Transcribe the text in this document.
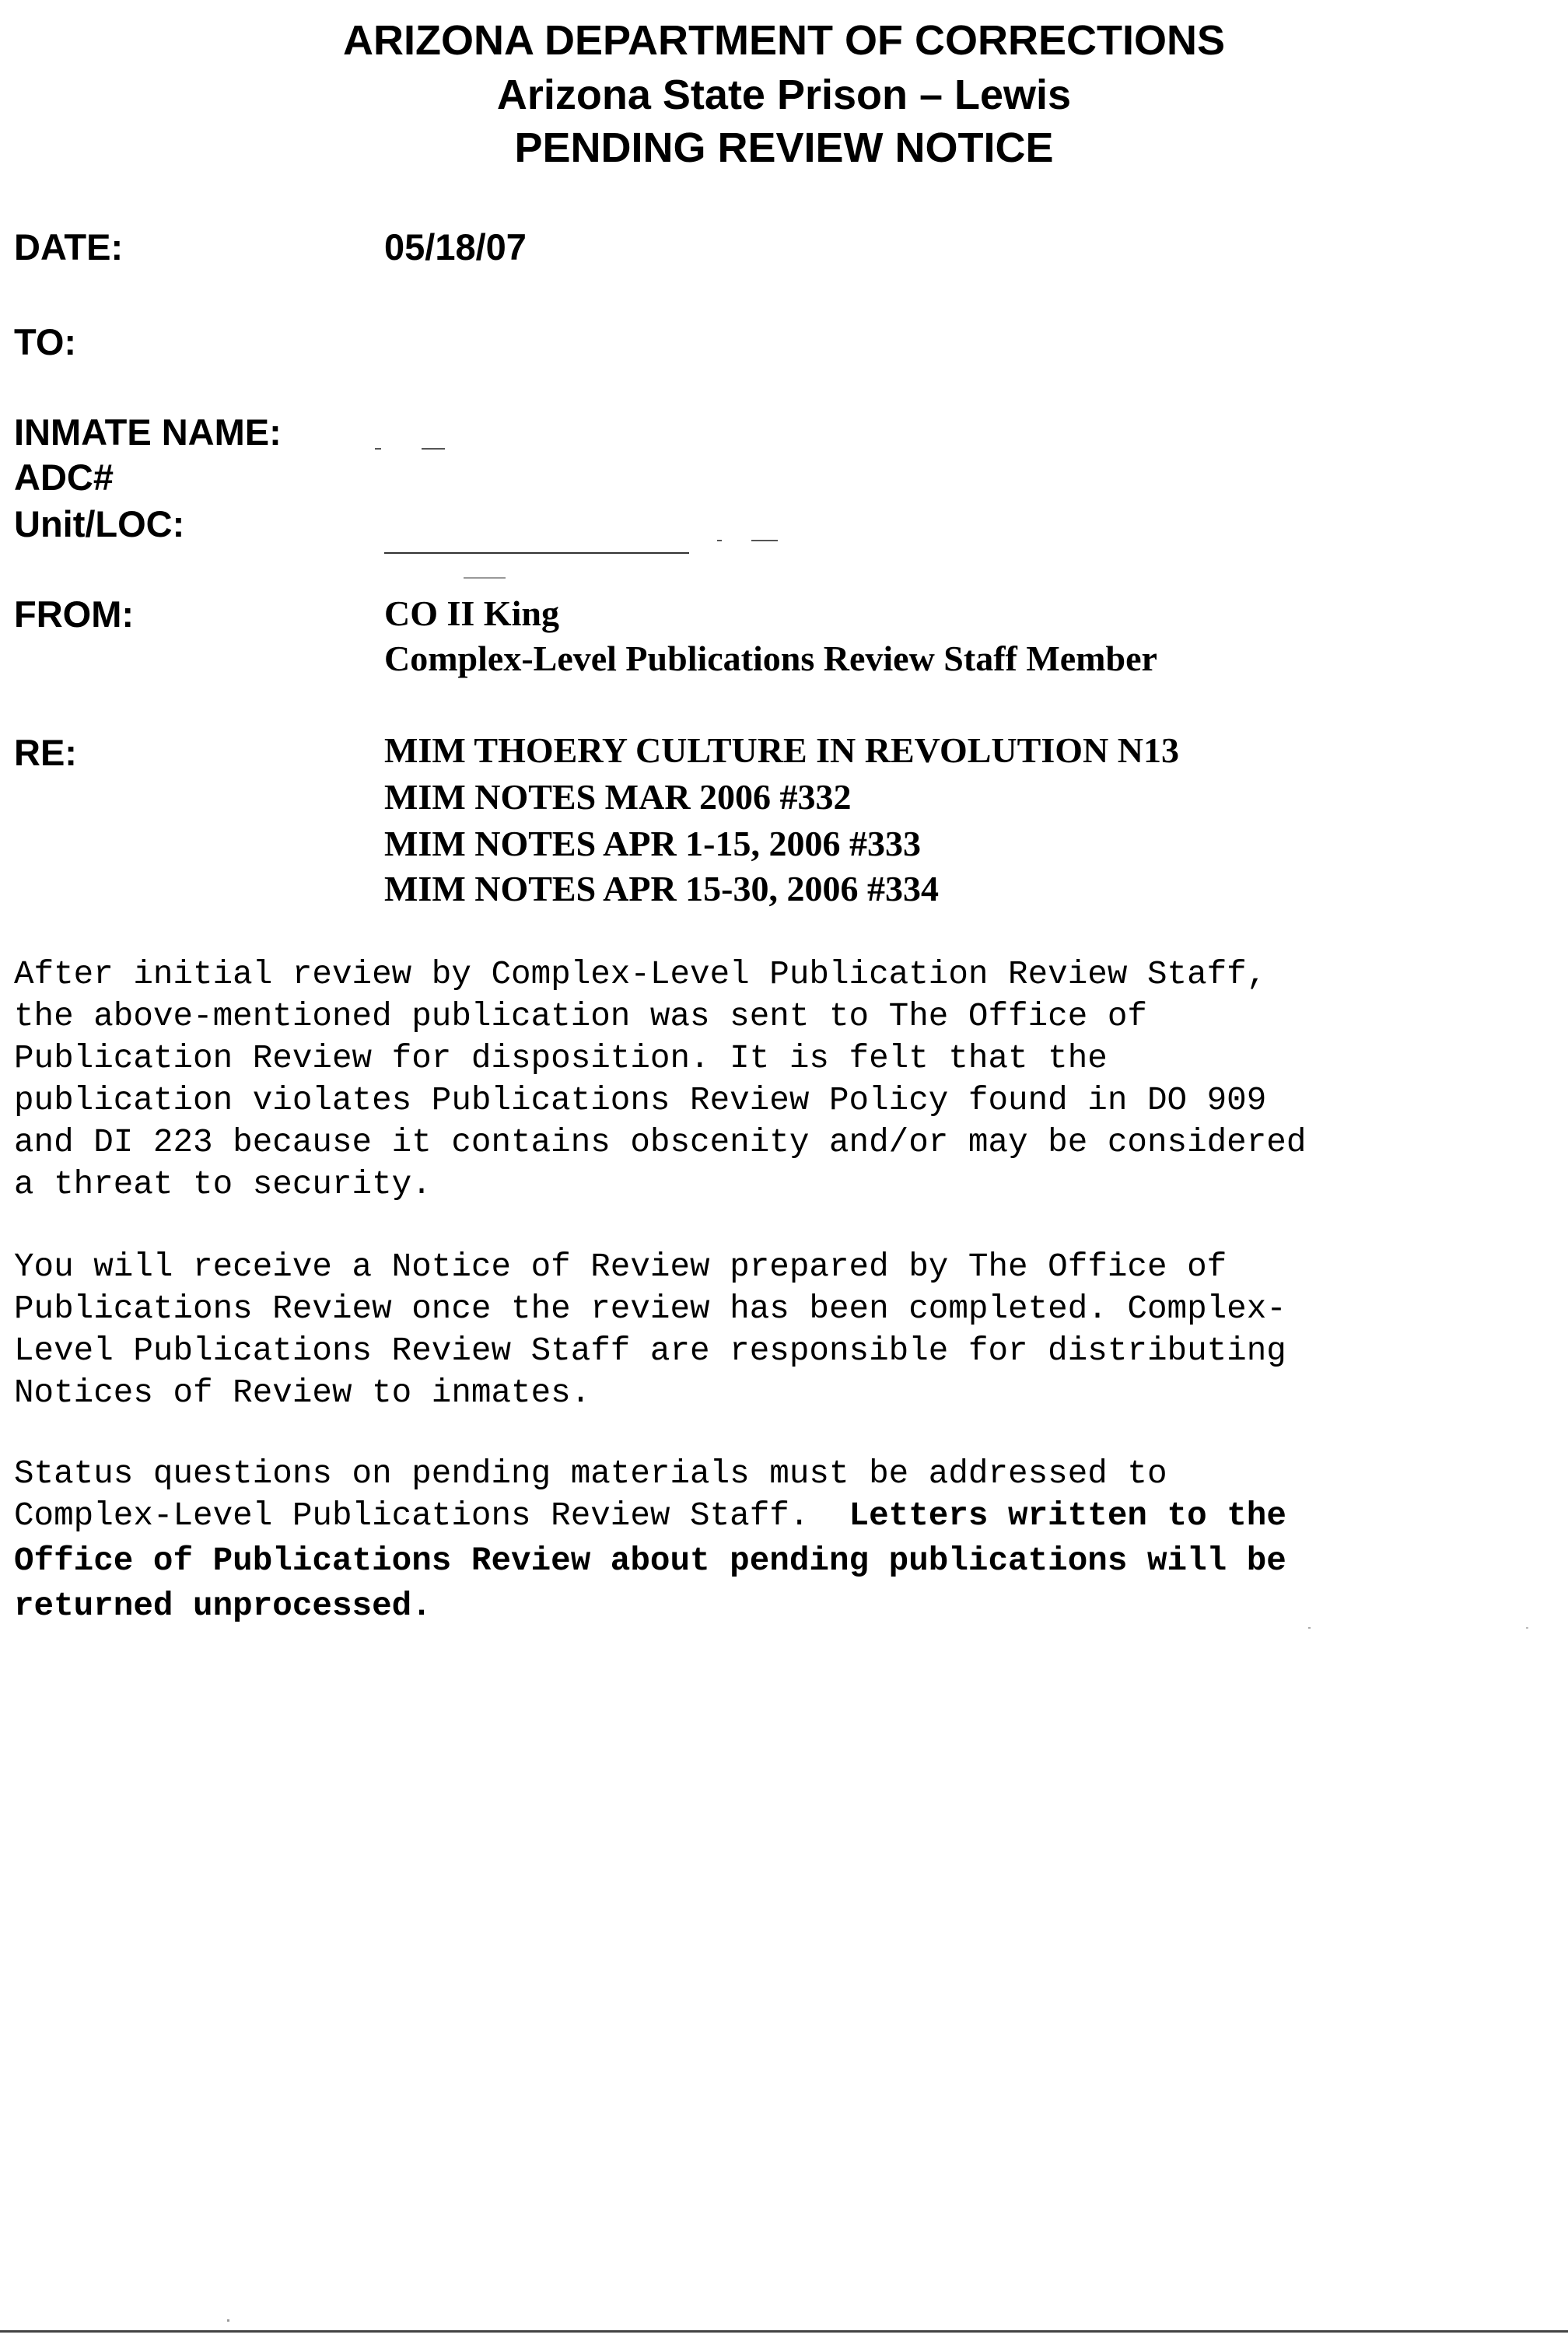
ARIZONA DEPARTMENT OF CORRECTIONS
Arizona State Prison – Lewis
PENDING REVIEW NOTICE
DATE:	05/18/07
TO:
INMATE NAME:
ADC#
Unit/LOC:
FROM:	CO II King
Complex-Level Publications Review Staff Member
RE:	MIM THOERY CULTURE IN REVOLUTION N13
MIM NOTES MAR 2006 #332
MIM NOTES APR 1-15, 2006 #333
MIM NOTES APR 15-30, 2006 #334
After initial review by Complex-Level Publication Review Staff,
the above-mentioned publication was sent to The Office of
Publication Review for disposition. It is felt that the
publication violates Publications Review Policy found in DO 909
and DI 223 because it contains obscenity and/or may be considered
a threat to security.
You will receive a Notice of Review prepared by The Office of
Publications Review once the review has been completed. Complex-
Level Publications Review Staff are responsible for distributing
Notices of Review to inmates.
Status questions on pending materials must be addressed to
Complex-Level Publications Review Staff.  Letters written to the
Office of Publications Review about pending publications will be
returned unprocessed.
